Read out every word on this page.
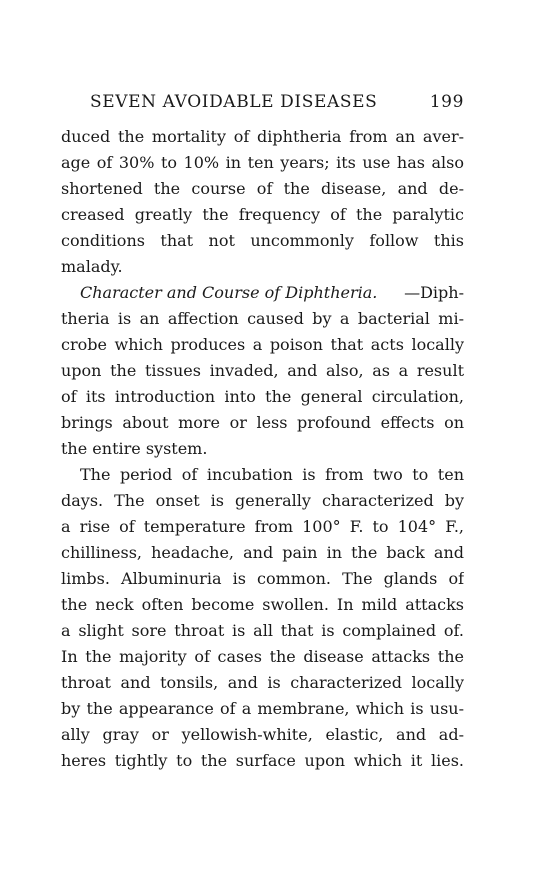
SEVEN AVOIDABLE DISEASES	199
duced the mortality of diphtheria from an aver-
age of 30% to 10% in ten years; its use has also
shortened the course of the disease, and de-
creased greatly the frequency of the paralytic
conditions that not uncommonly follow this
malady.
Character and Course of Diphtheria. —Diph-
theria is an affection caused by a bacterial mi-
crobe which produces a poison that acts locally
upon the tissues invaded, and also, as a result
of its introduction into the general circulation,
brings about more or less profound effects on
the entire system.
The period of incubation is from two to ten
days. The onset is generally characterized by
a rise of temperature from 100° F. to 104° F.,
chilliness, headache, and pain in the back and
limbs. Albuminuria is common. The glands of
the neck often become swollen. In mild attacks
a slight sore throat is all that is complained of.
In the majority of cases the disease attacks the
throat and tonsils, and is characterized locally
by the appearance of a membrane, which is usu-
ally gray or yellowish-white, elastic, and ad-
heres tightly to the surface upon which it lies.
